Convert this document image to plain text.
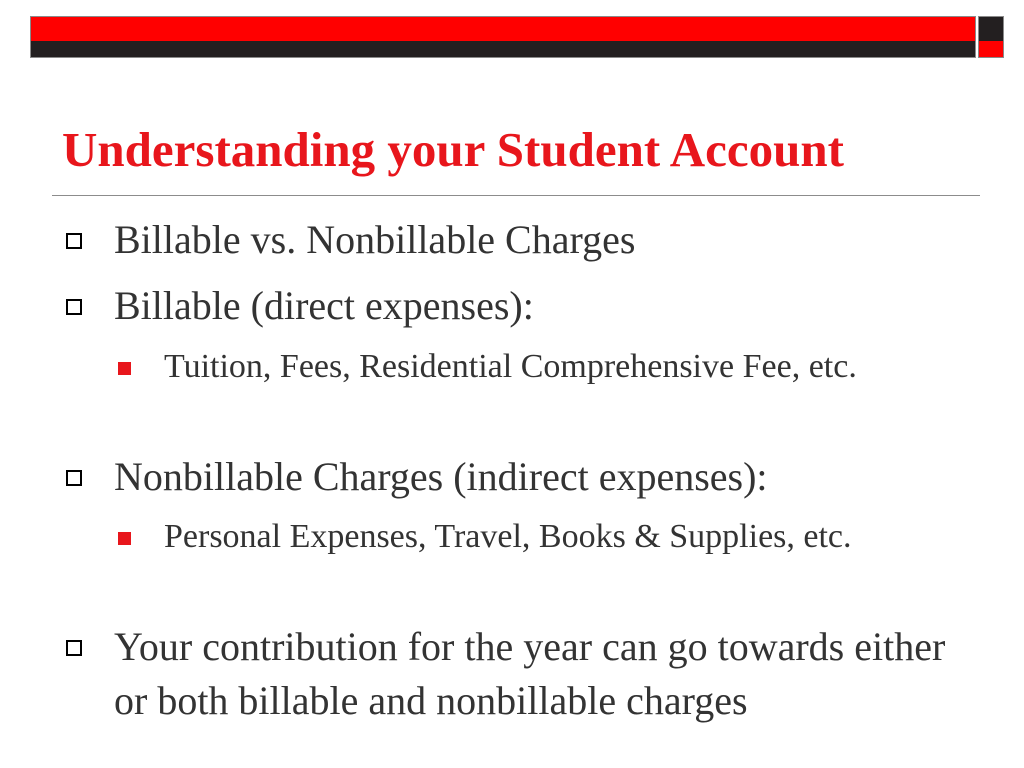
Understanding your Student Account
Billable vs. Nonbillable Charges
Billable (direct expenses):
Tuition, Fees, Residential Comprehensive Fee, etc.
Nonbillable Charges (indirect expenses):
Personal Expenses, Travel, Books & Supplies, etc.
Your contribution for the year can go towards either or both billable and nonbillable charges
